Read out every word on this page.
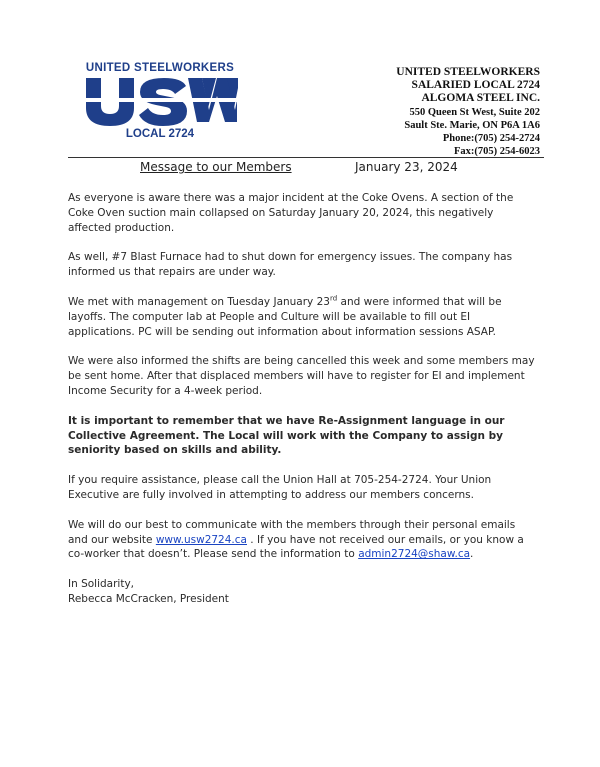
UNITED STEELWORKERS
LOCAL 2724
UNITED STEELWORKERS
SALARIED LOCAL 2724
ALGOMA STEEL INC.
550 Queen St West, Suite 202
Sault Ste. Marie, ON P6A 1A6
Phone:(705) 254-2724
Fax:(705) 254-6023
Message to our Members	January 23, 2024

As everyone is aware there was a major incident at the Coke Ovens. A section of the Coke Oven suction main collapsed on Saturday January 20, 2024, this negatively affected production.

As well, #7 Blast Furnace had to shut down for emergency issues. The company has informed us that repairs are under way.

We met with management on Tuesday January 23rd and were informed that will be layoffs. The computer lab at People and Culture will be available to fill out EI applications. PC will be sending out information about information sessions ASAP.

We were also informed the shifts are being cancelled this week and some members may be sent home. After that displaced members will have to register for EI and implement Income Security for a 4-week period.

It is important to remember that we have Re-Assignment language in our Collective Agreement. The Local will work with the Company to assign by seniority based on skills and ability.

If you require assistance, please call the Union Hall at 705-254-2724. Your Union Executive are fully involved in attempting to address our members concerns.

We will do our best to communicate with the members through their personal emails and our website www.usw2724.ca . If you have not received our emails, or you know a co-worker that doesn’t. Please send the information to admin2724@shaw.ca.

In Solidarity,
Rebecca McCracken, President
